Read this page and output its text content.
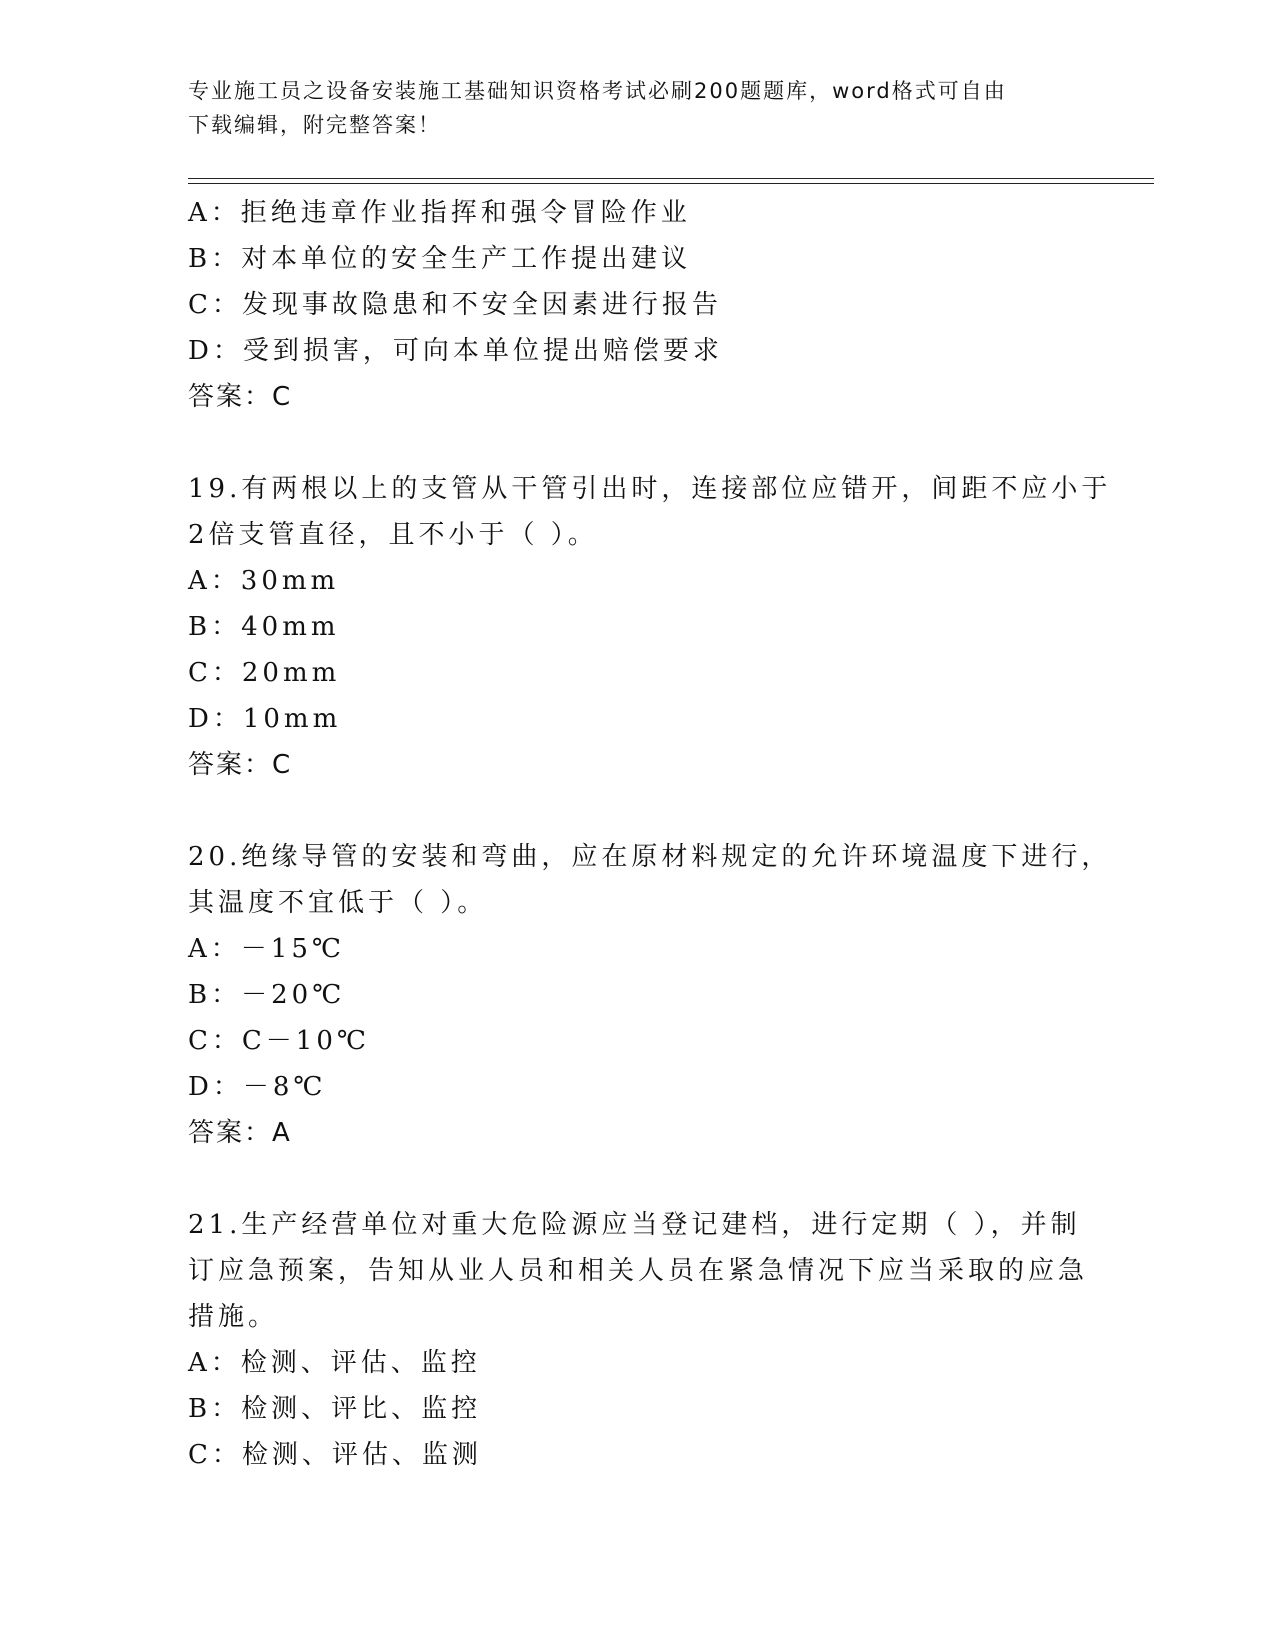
专业施工员之设备安装施工基础知识资格考试必刷200题题库，word格式可自由
下载编辑，附完整答案！
A：拒绝违章作业指挥和强令冒险作业
B：对本单位的安全生产工作提出建议
C：发现事故隐患和不安全因素进行报告
D：受到损害，可向本单位提出赔偿要求
答案：C
19.有两根以上的支管从干管引出时，连接部位应错开，间距不应小于
2倍支管直径，且不小于（ ）。
A：30mm
B：40mm
C：20mm
D：10mm
答案：C
20.绝缘导管的安装和弯曲，应在原材料规定的允许环境温度下进行，
其温度不宜低于（ ）。
A：－15℃
B：－20℃
C：C－10℃
D：－8℃
答案：A
21.生产经营单位对重大危险源应当登记建档，进行定期（ ），并制
订应急预案，告知从业人员和相关人员在紧急情况下应当采取的应急
措施。
A：检测、评估、监控
B：检测、评比、监控
C：检测、评估、监测
